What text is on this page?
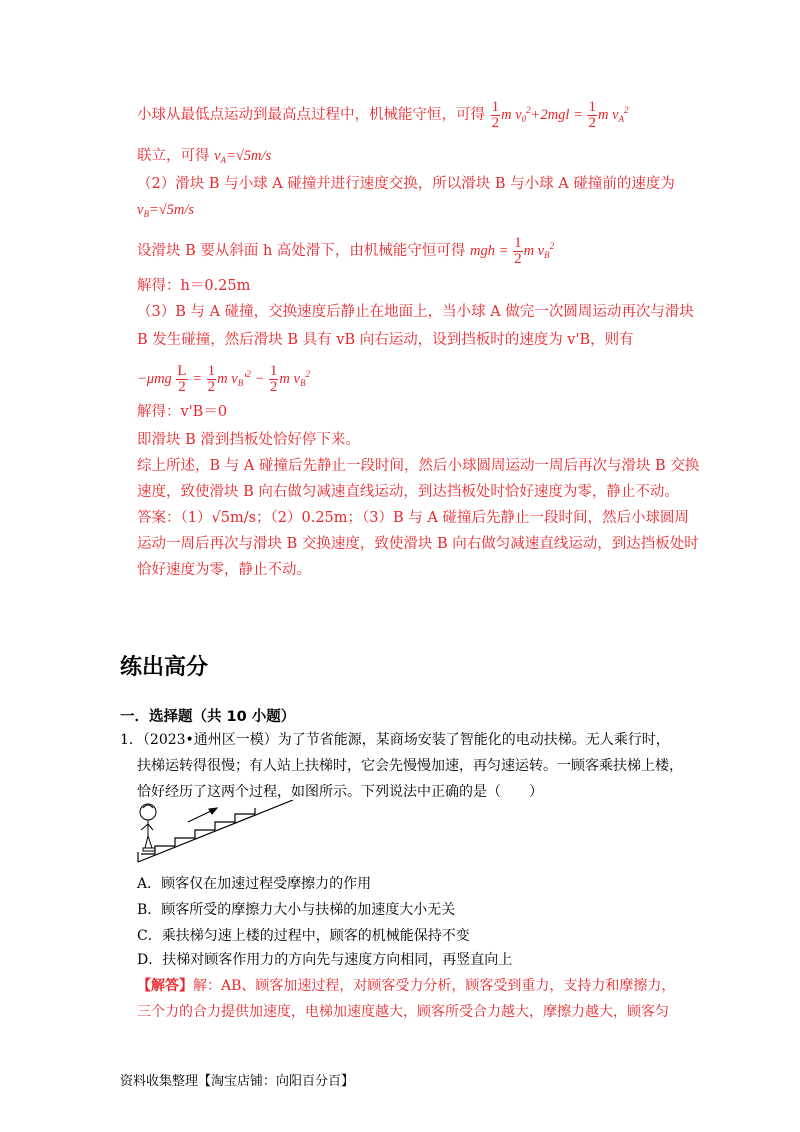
小球从最低点运动到最高点过程中，机械能守恒，可得 $\frac{1}{2}$ m $v_0^2+2mgl = \frac{1}{2}$ m $v_A^2$
联立，可得 $v_A=√5m/s$
（2）滑块 B 与小球 A 碰撞并进行速度交换，所以滑块 B 与小球 A 碰撞前的速度为
$v_B=√5m/s$
设滑块 B 要从斜面 h 高处滑下，由机械能守恒可得 mgh = $\frac{1}{2}$ m $v_B^2$
解得：h＝0.25m
（3）B 与 A 碰撞，交换速度后静止在地面上，当小球 A 做完一次圆周运动再次与滑块
B 发生碰撞，然后滑块 B 具有 vB 向右运动，设到挡板时的速度为 v'B，则有
$-\mu mg \frac{L}{2} = \frac{1}{2}$ m $v_B'^2 - \frac{1}{2}$ m $v_B^2$
解得：v'B＝0
即滑块 B 滑到挡板处恰好停下来。
综上所述，B 与 A 碰撞后先静止一段时间，然后小球圆周运动一周后再次与滑块 B 交换
速度，致使滑块 B 向右做匀减速直线运动，到达挡板处时恰好速度为零，静止不动。
答案：（1）√5m/s；（2）0.25m；（3）B 与 A 碰撞后先静止一段时间，然后小球圆周
运动一周后再次与滑块 B 交换速度，致使滑块 B 向右做匀减速直线运动，到达挡板处时
恰好速度为零，静止不动。
练出高分
一．选择题（共 10 小题）
1．（2023•通州区一模）为了节省能源，某商场安装了智能化的电动扶梯。无人乘行时，
扶梯运转得很慢；有人站上扶梯时，它会先慢慢加速，再匀速运转。一顾客乘扶梯上楼，
恰好经历了这两个过程，如图所示。下列说法中正确的是（　　）
A．顾客仅在加速过程受摩擦力的作用
B．顾客所受的摩擦力大小与扶梯的加速度大小无关
C．乘扶梯匀速上楼的过程中，顾客的机械能保持不变
D．扶梯对顾客作用力的方向先与速度方向相同，再竖直向上
【解答】解：AB、顾客加速过程，对顾客受力分析，顾客受到重力，支持力和摩擦力，
三个力的合力提供加速度，电梯加速度越大，顾客所受合力越大，摩擦力越大，顾客匀
资料收集整理【淘宝店铺：向阳百分百】
